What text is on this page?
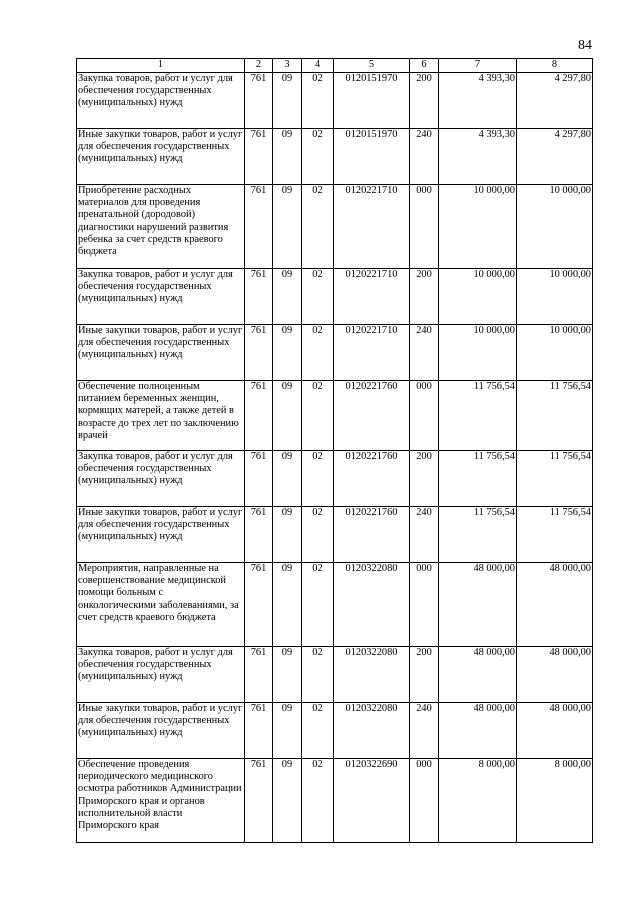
84
1	2	3	4	5	6	7	8
Закупка товаров, работ и услуг для обеспечения государственных (муниципальных) нужд	761	09	02	0120151970	200	4 393,30	4 297,80
Иные закупки товаров, работ и услуг для обеспечения государственных (муниципальных) нужд	761	09	02	0120151970	240	4 393,30	4 297,80
Приобретение расходных материалов для проведения пренатальной (дородовой) диагностики нарушений развития ребенка за счет средств краевого бюджета	761	09	02	0120221710	000	10 000,00	10 000,00
Закупка товаров, работ и услуг для обеспечения государственных (муниципальных) нужд	761	09	02	0120221710	200	10 000,00	10 000,00
Иные закупки товаров, работ и услуг для обеспечения государственных (муниципальных) нужд	761	09	02	0120221710	240	10 000,00	10 000,00
Обеспечение полноценным питанием беременных женщин, кормящих матерей, а также детей в возрасте до трех лет по заключению врачей	761	09	02	0120221760	000	11 756,54	11 756,54
Закупка товаров, работ и услуг для обеспечения государственных (муниципальных) нужд	761	09	02	0120221760	200	11 756,54	11 756,54
Иные закупки товаров, работ и услуг для обеспечения государственных (муниципальных) нужд	761	09	02	0120221760	240	11 756,54	11 756,54
Мероприятия, направленные на совершенствование медицинской помощи больным с онкологическими заболеваниями, за счет средств краевого бюджета	761	09	02	0120322080	000	48 000,00	48 000,00
Закупка товаров, работ и услуг для обеспечения государственных (муниципальных) нужд	761	09	02	0120322080	200	48 000,00	48 000,00
Иные закупки товаров, работ и услуг для обеспечения государственных (муниципальных) нужд	761	09	02	0120322080	240	48 000,00	48 000,00
Обеспечение проведения периодического медицинского осмотра работников Администрации Приморского края и органов исполнительной власти Приморского края	761	09	02	0120322690	000	8 000,00	8 000,00
